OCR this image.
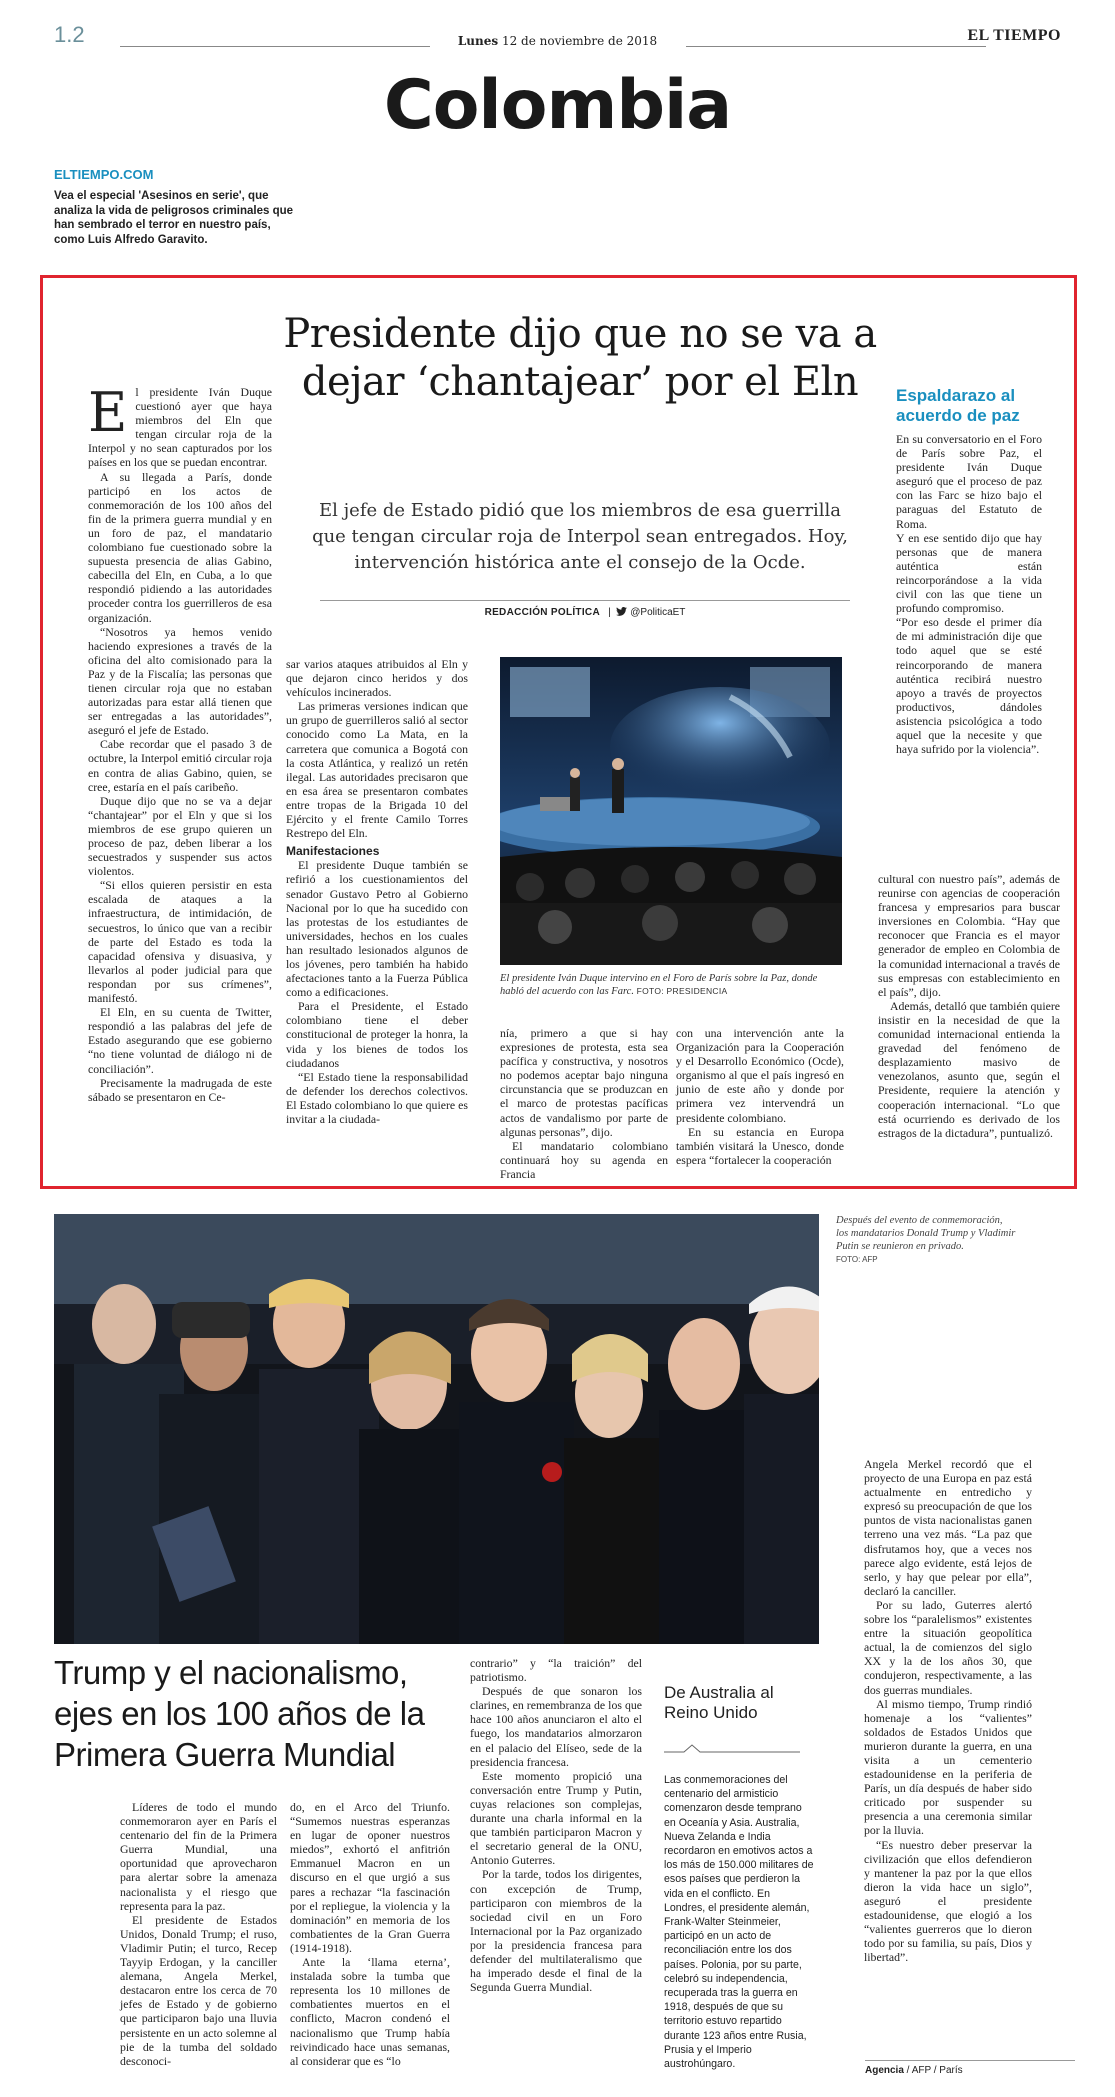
1.2	Lunes 12 de noviembre de 2018	EL TIEMPO
Colombia
ELTIEMPO.COM
Vea el especial 'Asesinos en serie', que analiza la vida de peligrosos criminales que han sembrado el terror en nuestro país, como Luis Alfredo Garavito.
Presidente dijo que no se va a dejar ‘chantajear’ por el Eln
El jefe de Estado pidió que los miembros de esa guerrilla que tengan circular roja de Interpol sean entregados. Hoy, intervención histórica ante el consejo de la Ocde.
REDACCIÓN POLÍTICA   |   @PoliticaET

El presidente Iván Duque cuestionó ayer que haya miembros del Eln que tengan circular roja de la Interpol y no sean capturados por los países en los que se puedan encontrar.

A su llegada a París, donde participó en los actos de conmemoración de los 100 años del fin de la primera guerra mundial y en un foro de paz, el mandatario colombiano fue cuestionado sobre la supuesta presencia de alias Gabino, cabecilla del Eln, en Cuba, a lo que respondió pidiendo a las autoridades proceder contra los guerrilleros de esa organización.

“Nosotros ya hemos venido haciendo expresiones a través de la oficina del alto comisionado para la Paz y de la Fiscalía; las personas que tienen circular roja que no estaban autorizadas para estar allá tienen que ser entregadas a las autoridades”, aseguró el jefe de Estado.

Cabe recordar que el pasado 3 de octubre, la Interpol emitió circular roja en contra de alias Gabino, quien, se cree, estaría en el país caribeño.

Duque dijo que no se va a dejar “chantajear” por el Eln y que si los miembros de ese grupo quieren un proceso de paz, deben liberar a los secuestrados y suspender sus actos violentos.

“Si ellos quieren persistir en esta escalada de ataques a la infraestructura, de intimidación, de secuestros, lo único que van a recibir de parte del Estado es toda la capacidad ofensiva y disuasiva, y llevarlos al poder judicial para que respondan por sus crímenes”, manifestó.

El Eln, en su cuenta de Twitter, respondió a las palabras del jefe de Estado asegurando que ese gobierno “no tiene voluntad de diálogo ni de conciliación”.

Precisamente la madrugada de este sábado se presentaron en Ce-

sar varios ataques atribuidos al Eln y que dejaron cinco heridos y dos vehículos incinerados.

Las primeras versiones indican que un grupo de guerrilleros salió al sector conocido como La Mata, en la carretera que comunica a Bogotá con la costa Atlántica, y realizó un retén ilegal. Las autoridades precisaron que en esa área se presentaron combates entre tropas de la Brigada 10 del Ejército y el frente Camilo Torres Restrepo del Eln.

Manifestaciones

El presidente Duque también se refirió a los cuestionamientos del senador Gustavo Petro al Gobierno Nacional por lo que ha sucedido con las protestas de los estudiantes de universidades, hechos en los cuales han resultado lesionados algunos de los jóvenes, pero también ha habido afectaciones tanto a la Fuerza Pública como a edificaciones.

Para el Presidente, el Estado colombiano tiene el deber constitucional de proteger la honra, la vida y los bienes de todos los ciudadanos

“El Estado tiene la responsabilidad de defender los derechos colectivos. El Estado colombiano lo que quiere es invitar a la ciudada-

El presidente Iván Duque intervino en el Foro de París sobre la Paz, donde habló del acuerdo con las Farc. FOTO: PRESIDENCIA

nía, primero a que si hay expresiones de protesta, esta sea pacífica y constructiva, y nosotros no podemos aceptar bajo ninguna circunstancia que se produzcan en el marco de protestas pacíficas actos de vandalismo por parte de algunas personas”, dijo.

El mandatario colombiano continuará hoy su agenda en Francia

con una intervención ante la Organización para la Cooperación y el Desarrollo Económico (Ocde), organismo al que el país ingresó en junio de este año y donde por primera vez intervendrá un presidente colombiano.

En su estancia en Europa también visitará la Unesco, donde espera “fortalecer la cooperación

Espaldarazo al acuerdo de paz

En su conversatorio en el Foro de París sobre Paz, el presidente Iván Duque aseguró que el proceso de paz con las Farc se hizo bajo el paraguas del Estatuto de Roma.

Y en ese sentido dijo que hay personas que de manera auténtica están reincorporándose a la vida civil con las que tiene un profundo compromiso.

“Por eso desde el primer día de mi administración dije que todo aquel que se esté reincorporando de manera auténtica recibirá nuestro apoyo a través de proyectos productivos, dándoles asistencia psicológica a todo aquel que la necesite y que haya sufrido por la violencia”.

cultural con nuestro país”, además de reunirse con agencias de cooperación francesa y empresarios para buscar inversiones en Colombia. “Hay que reconocer que Francia es el mayor generador de empleo en Colombia de la comunidad internacional a través de sus empresas con establecimiento en el país”, dijo.

Además, detalló que también quiere insistir en la necesidad de que la comunidad internacional entienda la gravedad del fenómeno de desplazamiento masivo de venezolanos, asunto que, según el Presidente, requiere la atención y cooperación internacional. “Lo que está ocurriendo es derivado de los estragos de la dictadura”, puntualizó.

Después del evento de conmemoración, los mandatarios Donald Trump y Vladimir Putin se reunieron en privado.
FOTO: AFP
Trump y el nacionalismo, ejes en los 100 años de la Primera Guerra Mundial

Líderes de todo el mundo conmemoraron ayer en París el centenario del fin de la Primera Guerra Mundial, una oportunidad que aprovecharon para alertar sobre la amenaza nacionalista y el riesgo que representa para la paz.

El presidente de Estados Unidos, Donald Trump; el ruso, Vladimir Putin; el turco, Recep Tayyip Erdogan, y la canciller alemana, Angela Merkel, destacaron entre los cerca de 70 jefes de Estado y de gobierno que participaron bajo una lluvia persistente en un acto solemne al pie de la tumba del soldado desconoci-

do, en el Arco del Triunfo. “Sumemos nuestras esperanzas en lugar de oponer nuestros miedos”, exhortó el anfitrión Emmanuel Macron en un discurso en el que urgió a sus pares a rechazar “la fascinación por el repliegue, la violencia y la dominación” en memoria de los combatientes de la Gran Guerra (1914-1918).

Ante la ‘llama eterna’, instalada sobre la tumba que representa los 10 millones de combatientes muertos en el conflicto, Macron condenó el nacionalismo que Trump había reivindicado hace unas semanas, al considerar que es “lo

contrario” y “la traición” del patriotismo.

Después de que sonaron los clarines, en remembranza de los que hace 100 años anunciaron el alto el fuego, los mandatarios almorzaron en el palacio del Elíseo, sede de la presidencia francesa.

Este momento propició una conversación entre Trump y Putin, cuyas relaciones son complejas, durante una charla informal en la que también participaron Macron y el secretario general de la ONU, Antonio Guterres.

Por la tarde, todos los dirigentes, con excepción de Trump, participaron con miembros de la sociedad civil en un Foro Internacional por la Paz organizado por la presidencia francesa para defender del multilateralismo que ha imperado desde el final de la Segunda Guerra Mundial.

De Australia al Reino Unido
Las conmemoraciones del centenario del armisticio comenzaron desde temprano en Oceanía y Asia. Australia, Nueva Zelanda e India recordaron en emotivos actos a los más de 150.000 militares de esos países que perdieron la vida en el conflicto. En Londres, el presidente alemán, Frank-Walter Steinmeier, participó en un acto de reconciliación entre los dos países. Polonia, por su parte, celebró su independencia, recuperada tras la guerra en 1918, después de que su territorio estuvo repartido durante 123 años entre Rusia, Prusia y el Imperio austrohúngaro.

Angela Merkel recordó que el proyecto de una Europa en paz está actualmente en entredicho y expresó su preocupación de que los puntos de vista nacionalistas ganen terreno una vez más. “La paz que disfrutamos hoy, que a veces nos parece algo evidente, está lejos de serlo, y hay que pelear por ella”, declaró la canciller.

Por su lado, Guterres alertó sobre los “paralelismos” existentes entre la situación geopolítica actual, la de comienzos del siglo XX y la de los años 30, que condujeron, respectivamente, a las dos guerras mundiales.

Al mismo tiempo, Trump rindió homenaje a los “valientes” soldados de Estados Unidos que murieron durante la guerra, en una visita a un cementerio estadounidense en la periferia de París, un día después de haber sido criticado por suspender su presencia a una ceremonia similar por la lluvia.

“Es nuestro deber preservar la civilización que ellos defendieron y mantener la paz por la que ellos dieron la vida hace un siglo”, aseguró el presidente estadounidense, que elogió a los “valientes guerreros que lo dieron todo por su familia, su país, Dios y libertad”.

Agencia / AFP / París
